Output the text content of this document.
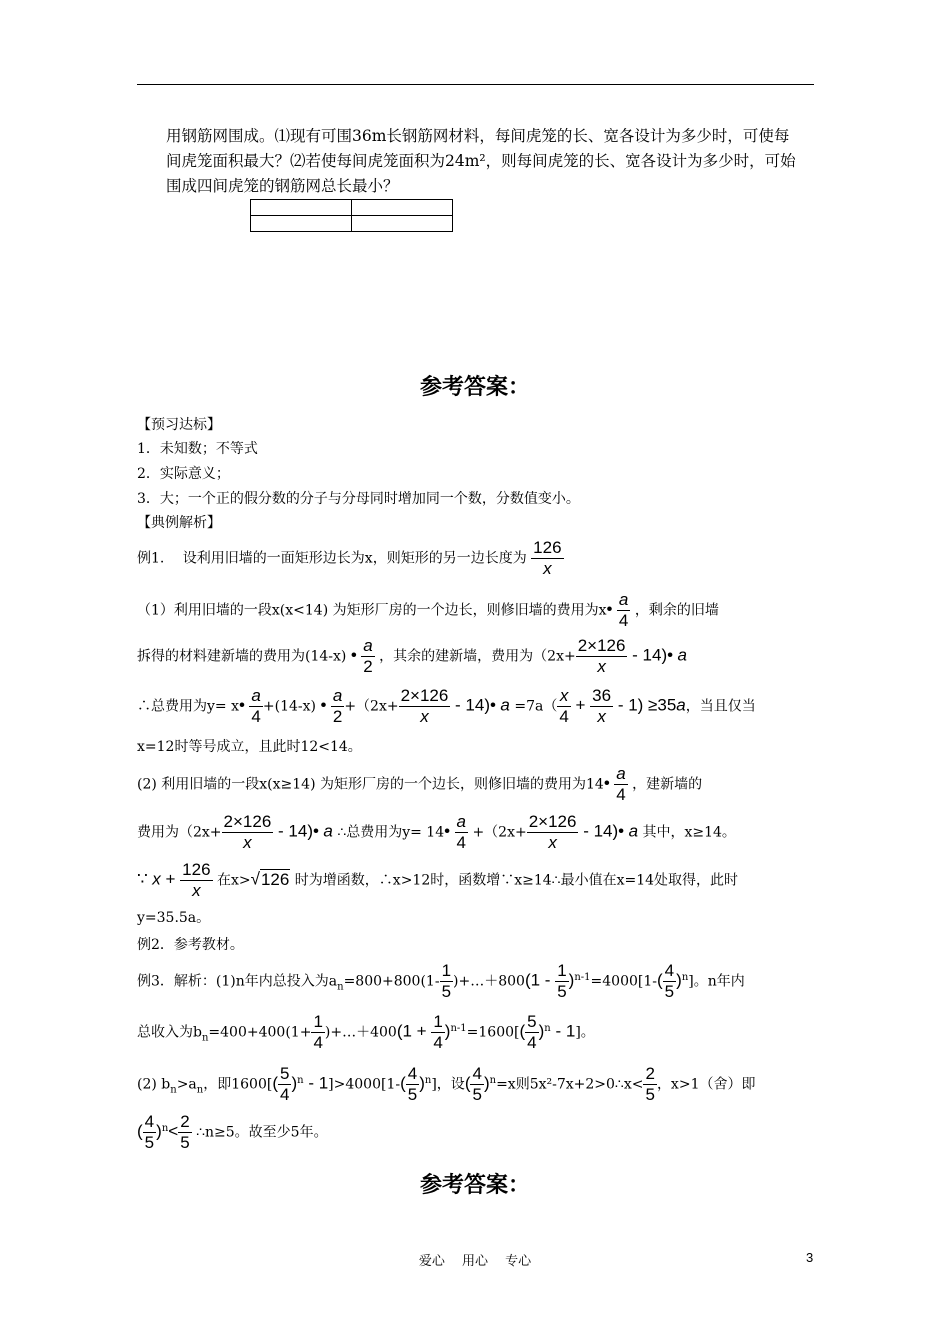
用钢筋网围成。⑴现有可围36m长钢筋网材料，每间虎笼的长、宽各设计为多少时，可使每
间虎笼面积最大？⑵若使每间虎笼面积为24m²，则每间虎笼的长、宽各设计为多少时，可始
围成四间虎笼的钢筋网总长最小？

参考答案：
【预习达标】
1．未知数；不等式
2．实际意义；
3．大；一个正的假分数的分子与分母同时增加同一个数，分数值变小。
【典例解析】
例1.　 设利用旧墙的一面矩形边长为x，则矩形的另一边长度为 $\frac{126}{x}$
（1）利用旧墙的一段x(x<14) 为矩形厂房的一个边长，则修旧墙的费用为x• $\frac{a}{4}$ ，剩余的旧墙
拆得的材料建新墙的费用为(14-x) • $\frac{a}{2}$ ，其余的建新墙，费用为（$2x+ \frac{2\times 126}{x}$ - 14)• a
∴总费用为y= x• $\frac{a}{4} +(14-x)$ • $\frac{a}{2} +(2x+ \frac{2\times 126}{x}$ - 14)• $a =7a( \frac{x}{4} + \frac{36}{x} - 1) \ge 35a$，当且仅当
x=12时等号成立，且此时12<14。
(2) 利用旧墙的一段x(x≥14) 为矩形厂房的一个边长，则修旧墙的费用为14• $\frac{a}{4}$ ，建新墙的
费用为（$2x+ \frac{2\times 126}{x}$ - 14)• a ∴总费用为y= 14• $\frac{a}{4} +(2x+ \frac{2\times 126}{x}$ - 14)• a 其中，x≥14。
∵ $x + \frac{126}{x}$ 在x>√126 时为增函数，∴x>12时，函数增∵x≥14∴最小值在x=14处取得，此时
y=35.5a。
例2．参考教材。
例3．解析：(1)n年内总投入为$a_n=800+800(1- \frac{1}{5}$ )+…＋800(1 - $\frac{1}{5} )^{n-1}=4000[1-( \frac{4}{5} )^n]$。n年内
总收入为$b_n=400+400(1+ \frac{1}{4}$ )+…＋400(1 + $\frac{1}{4} )^{n-1}=1600[( \frac{5}{4} )^n - 1]$。
(2) $b_n>a_n$，即$1600[( \frac{5}{4} )^n - 1]>4000[1-( \frac{4}{5} )^n]$，设( $\frac{4}{5} )^n=x$则5x²-7x+2>0∴x< $\frac{2}{5}$ ，x>1（舍）即
( $\frac{4}{5} )^n< \frac{2}{5}$ ∴n≥5。故至少5年。
参考答案：
爱心　 用心　 专心	3
